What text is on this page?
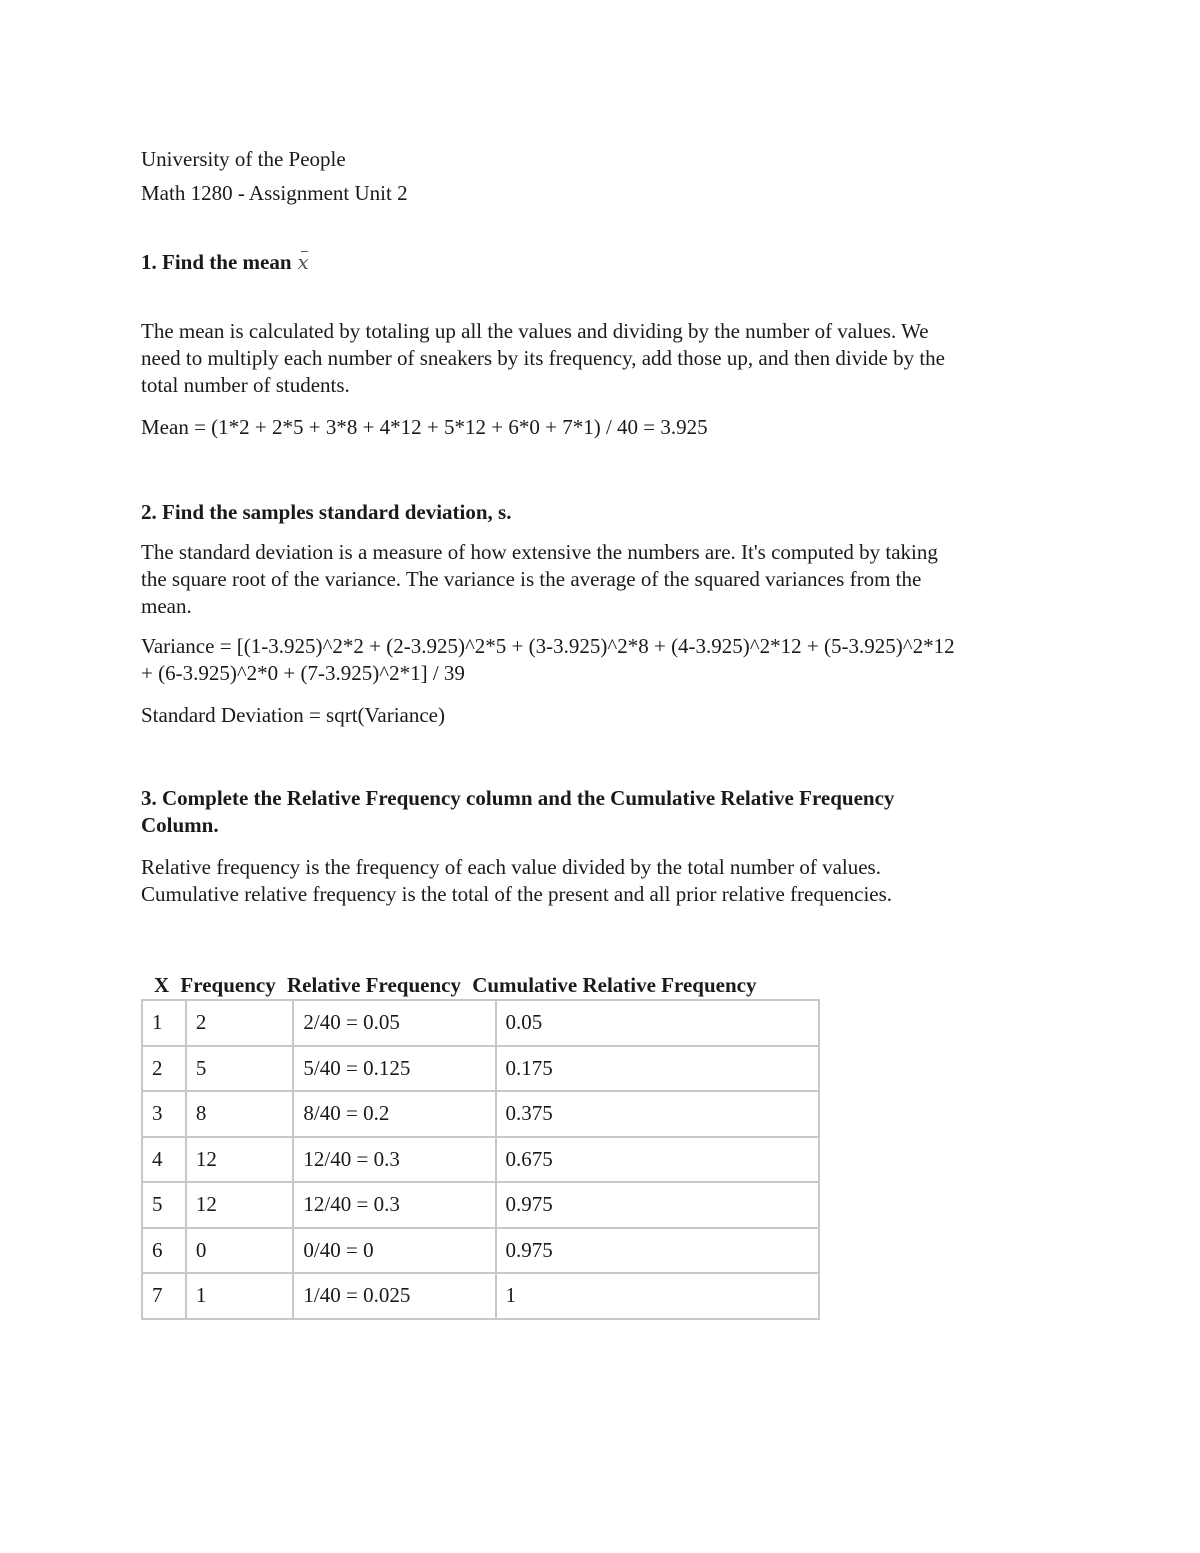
University of the People

Math 1280 - Assignment Unit 2

1. Find the mean x

The mean is calculated by totaling up all the values and dividing by the number of values. We

need to multiply each number of sneakers by its frequency, add those up, and then divide by the

total number of students.

Mean = (1*2 + 2*5 + 3*8 + 4*12 + 5*12 + 6*0 + 7*1) / 40 = 3.925

2. Find the samples standard deviation, s.

The standard deviation is a measure of how extensive the numbers are. It's computed by taking

the square root of the variance. The variance is the average of the squared variances from the

mean.

Variance = [(1-3.925)^2*2 + (2-3.925)^2*5 + (3-3.925)^2*8 + (4-3.925)^2*12 + (5-3.925)^2*12

+ (6-3.925)^2*0 + (7-3.925)^2*1] / 39

Standard Deviation = sqrt(Variance)

3. Complete the Relative Frequency column and the Cumulative Relative Frequency

Column.

Relative frequency is the frequency of each value divided by the total number of values.

Cumulative relative frequency is the total of the present and all prior relative frequencies.

X Frequency Relative Frequency Cumulative Relative Frequency
1	2	2/40 = 0.05	0.05
2	5	5/40 = 0.125	0.175
3	8	8/40 = 0.2	0.375
4	12	12/40 = 0.3	0.675
5	12	12/40 = 0.3	0.975
6	0	0/40 = 0	0.975
7	1	1/40 = 0.025	1
